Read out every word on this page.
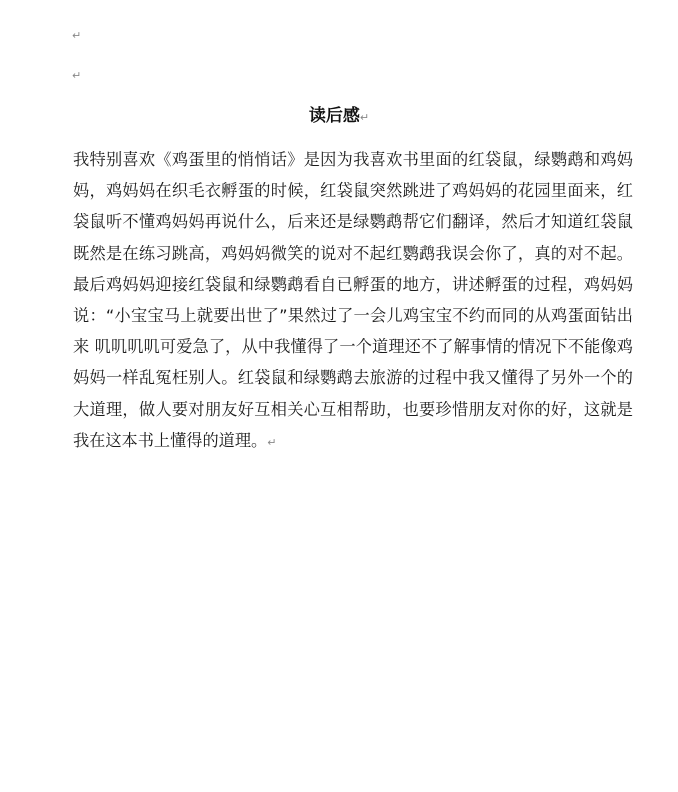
↵
↵
读后感↵

我特别喜欢《鸡蛋里的悄悄话》是因为我喜欢书里面的红袋鼠，绿鹦鹉和鸡妈妈，鸡妈妈在织毛衣孵蛋的时候，红袋鼠突然跳进了鸡妈妈的花园里面来，红袋鼠听不懂鸡妈妈再说什么，后来还是绿鹦鹉帮它们翻译，然后才知道红袋鼠既然是在练习跳高，鸡妈妈微笑的说对不起红鹦鹉我误会你了，真的对不起。最后鸡妈妈迎接红袋鼠和绿鹦鹉看自已孵蛋的地方，讲述孵蛋的过程，鸡妈妈说：“小宝宝马上就要出世了”果然过了一会儿鸡宝宝不约而同的从鸡蛋面钻出来 叽叽叽叽可爱急了，从中我懂得了一个道理还不了解事情的情况下不能像鸡妈妈一样乱冤枉别人。红袋鼠和绿鹦鹉去旅游的过程中我又懂得了另外一个的大道理，做人要对朋友好互相关心互相帮助，也要珍惜朋友对你的好，这就是我在这本书上懂得的道理。↵
